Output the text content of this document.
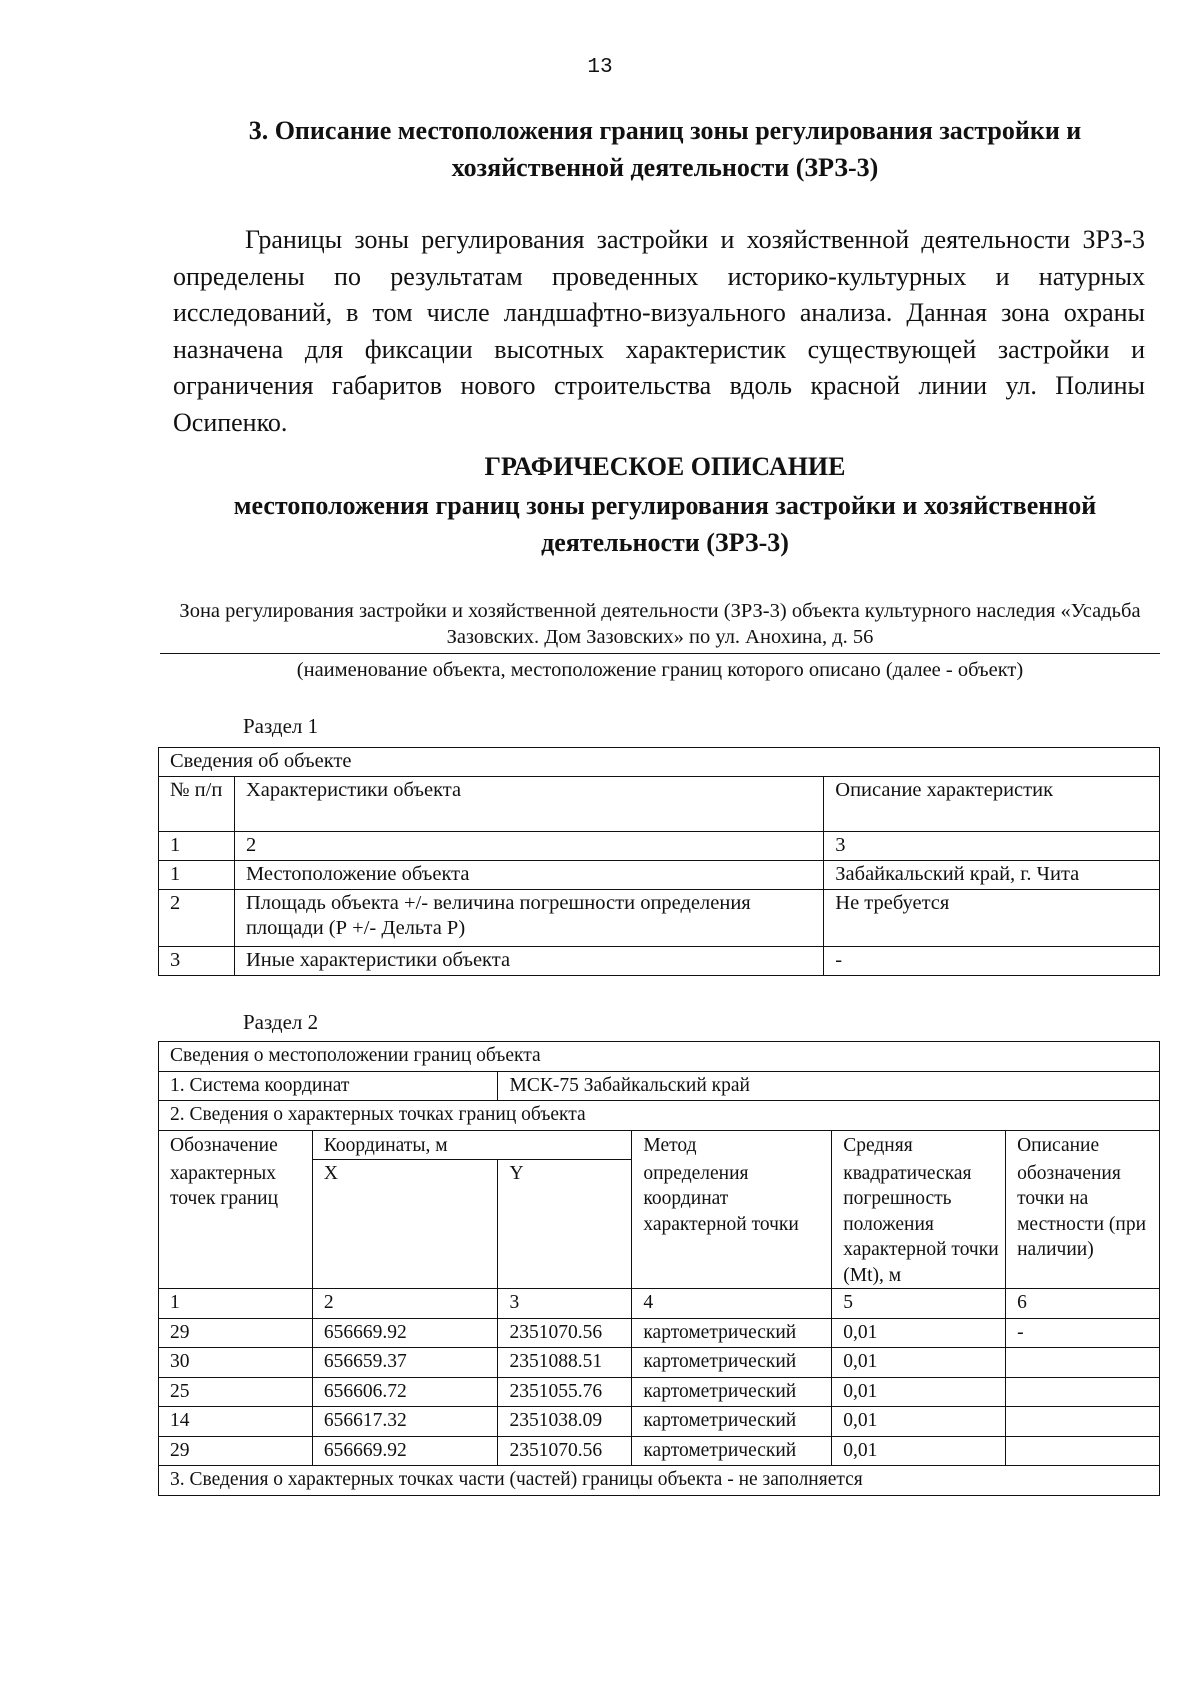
13
3. Описание местоположения границ зоны регулирования застройки и хозяйственной деятельности (ЗРЗ-3)
Границы зоны регулирования застройки и хозяйственной деятельности ЗРЗ-3 определены по результатам проведенных историко-культурных и натурных исследований, в том числе ландшафтно-визуального анализа. Данная зона охраны назначена для фиксации высотных характеристик существующей застройки и ограничения габаритов нового строительства вдоль красной линии ул. Полины Осипенко.
ГРАФИЧЕСКОЕ ОПИСАНИЕ
местоположения границ зоны регулирования застройки и хозяйственной деятельности (ЗРЗ-3)
Зона регулирования застройки и хозяйственной деятельности (ЗРЗ-3) объекта культурного наследия «Усадьба Зазовских. Дом Зазовских» по ул. Анохина, д. 56
(наименование объекта, местоположение границ которого описано (далее - объект)
Раздел 1
Сведения об объекте		
№ п/п	Характеристики объекта	Описание характеристик
1	2	3
1	Местоположение объекта	Забайкальский край, г. Чита
2	Площадь объекта +/- величина погрешности определения площади (Р +/- Дельта Р)	Не требуется
3	Иные характеристики объекта	-
Раздел 2
Сведения о местоположении границ объекта					
1. Система координат		МСК-75 Забайкальский край			
2. Сведения о характерных точках границ объекта					
Обозначение	Координаты, м		Метод	Средняя	Описание
характерных точек границ	X	Y	определения координат характерной точки	квадратическая погрешность положения характерной точки (Mt), м	обозначения точки на местности (при наличии)
1	2	3	4	5	6
29	656669.92	2351070.56	картометрический	0,01	-
30	656659.37	2351088.51	картометрический	0,01	
25	656606.72	2351055.76	картометрический	0,01	
14	656617.32	2351038.09	картометрический	0,01	
29	656669.92	2351070.56	картометрический	0,01	
3. Сведения о характерных точках части (частей) границы объекта - не заполняется					
